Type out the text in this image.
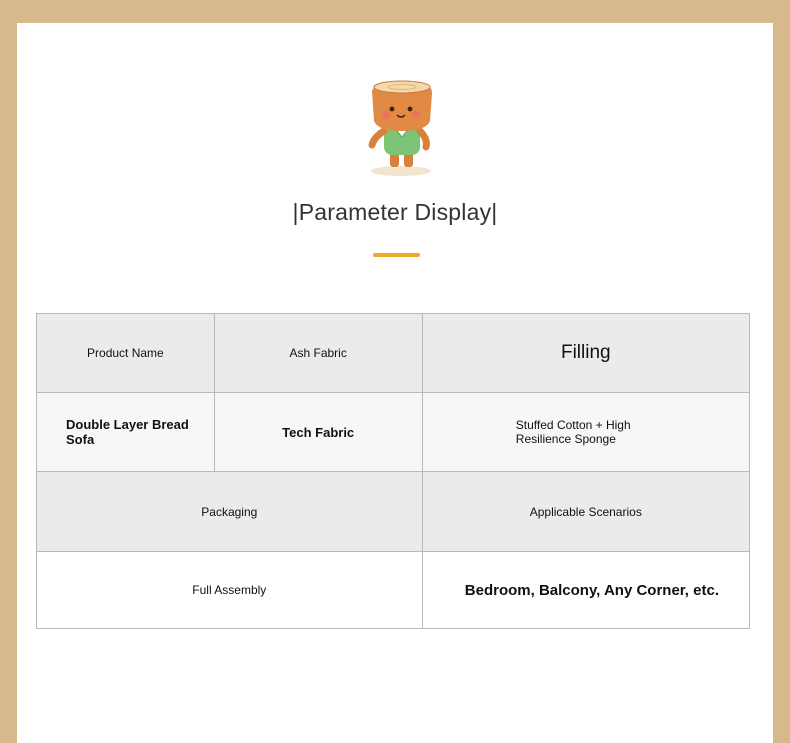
|Parameter Display|
Product Name	Ash Fabric	Filling
Double Layer Bread Sofa	Tech Fabric	Stuffed Cotton + High Resilience Sponge
Packaging		Applicable Scenarios
Full Assembly		Bedroom, Balcony, Any Corner, etc.
